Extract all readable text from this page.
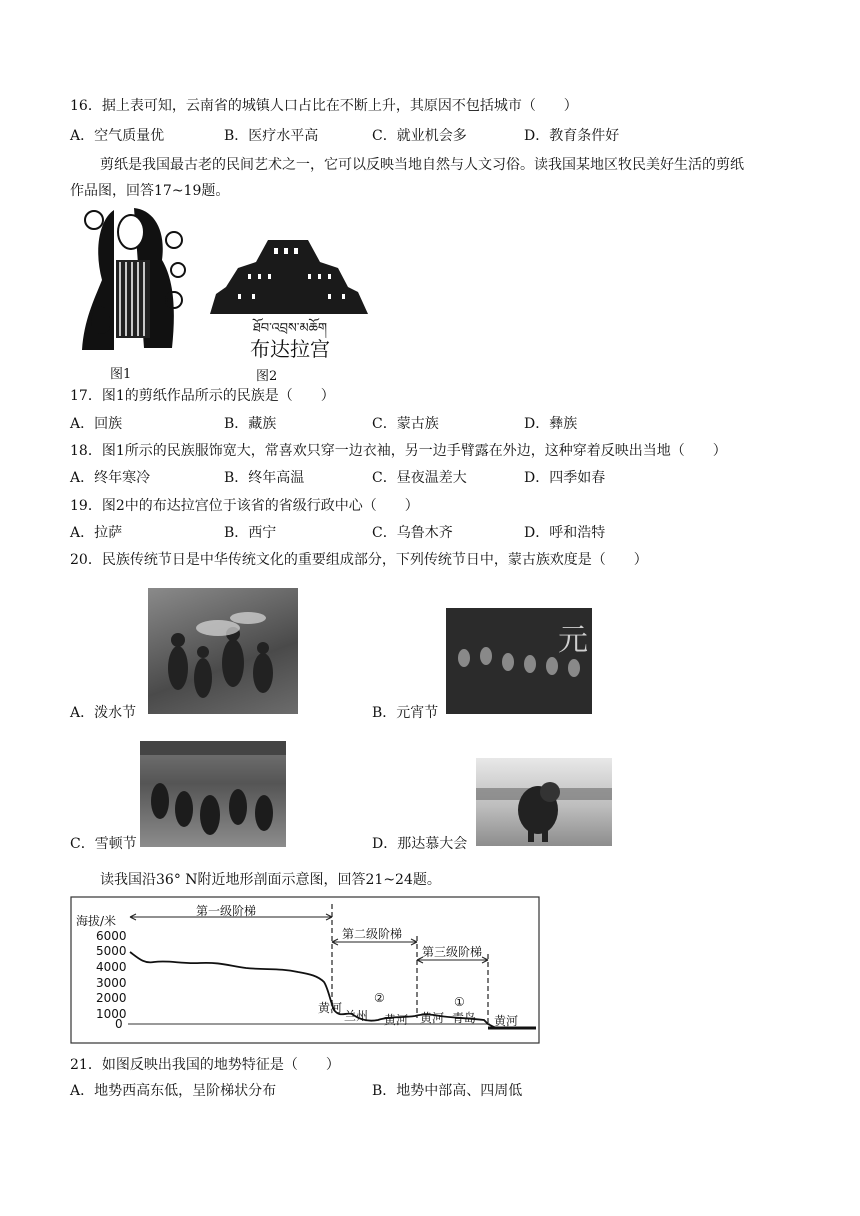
16．据上表可知，云南省的城镇人口占比在不断上升，其原因不包括城市（　　）
A．空气质量优	B．医疗水平高	C．就业机会多	D．教育条件好
剪纸是我国最古老的民间艺术之一，它可以反映当地自然与人文习俗。读我国某地区牧民美好生活的剪纸
作品图，回答17~19题。
图1
ཐོབ་འབྲས་མཆོག
布达拉宫
图2
17．图1的剪纸作品所示的民族是（　　）
A．回族	B．藏族	C．蒙古族	D．彝族
18．图1所示的民族服饰宽大，常喜欢只穿一边衣袖，另一边手臂露在外边，这种穿着反映出当地（　　）
A．终年寒冷	B．终年高温	C．昼夜温差大	D．四季如春
19．图2中的布达拉宫位于该省的省级行政中心（　　）
A．拉萨	B．西宁	C．乌鲁木齐	D．呼和浩特
20．民族传统节日是中华传统文化的重要组成部分，下列传统节日中，蒙古族欢度是（　　）
A．泼水节
元
B．元宵节
C．雪顿节	D．那达慕大会
读我国沿36° N附近地形剖面示意图，回答21~24题。
海拔/米
6000
5000
4000
3000
2000
1000
0
第一级阶梯
第二级阶梯
第三级阶梯
②	①
黄河
兰州 黄河 黄河 青岛 黄河
21．如图反映出我国的地势特征是（　　）
A．地势西高东低，呈阶梯状分布	B．地势中部高、四周低
